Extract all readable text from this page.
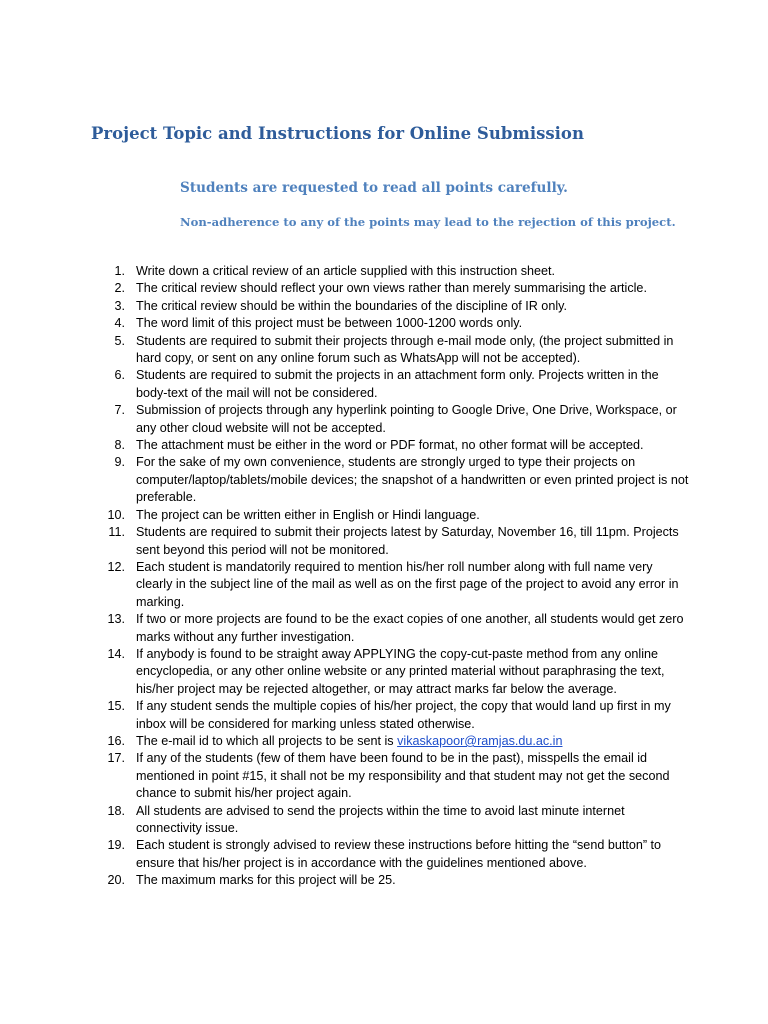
Project Topic and Instructions for Online Submission
Students are requested to read all points carefully.
Non-adherence to any of the points may lead to the rejection of this project.
1. Write down a critical review of an article supplied with this instruction sheet.
2. The critical review should reflect your own views rather than merely summarising the article.
3. The critical review should be within the boundaries of the discipline of IR only.
4. The word limit of this project must be between 1000-1200 words only.
5. Students are required to submit their projects through e-mail mode only, (the project submitted in hard copy, or sent on any online forum such as WhatsApp will not be accepted).
6. Students are required to submit the projects in an attachment form only. Projects written in the body-text of the mail will not be considered.
7. Submission of projects through any hyperlink pointing to Google Drive, One Drive, Workspace, or any other cloud website will not be accepted.
8. The attachment must be either in the word or PDF format, no other format will be accepted.
9. For the sake of my own convenience, students are strongly urged to type their projects on computer/laptop/tablets/mobile devices; the snapshot of a handwritten or even printed project is not preferable.
10. The project can be written either in English or Hindi language.
11. Students are required to submit their projects latest by Saturday, November 16, till 11pm. Projects sent beyond this period will not be monitored.
12. Each student is mandatorily required to mention his/her roll number along with full name very clearly in the subject line of the mail as well as on the first page of the project to avoid any error in marking.
13. If two or more projects are found to be the exact copies of one another, all students would get zero marks without any further investigation.
14. If anybody is found to be straight away APPLYING the copy-cut-paste method from any online encyclopedia, or any other online website or any printed material without paraphrasing the text, his/her project may be rejected altogether, or may attract marks far below the average.
15. If any student sends the multiple copies of his/her project, the copy that would land up first in my inbox will be considered for marking unless stated otherwise.
16. The e-mail id to which all projects to be sent is vikaskapoor@ramjas.du.ac.in
17. If any of the students (few of them have been found to be in the past), misspells the email id mentioned in point #15, it shall not be my responsibility and that student may not get the second chance to submit his/her project again.
18. All students are advised to send the projects within the time to avoid last minute internet connectivity issue.
19. Each student is strongly advised to review these instructions before hitting the “send button” to ensure that his/her project is in accordance with the guidelines mentioned above.
20. The maximum marks for this project will be 25.
